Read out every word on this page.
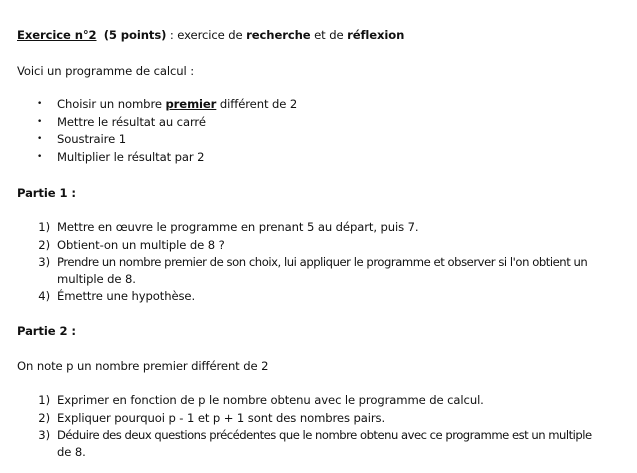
Exercice n°2 (5 points) : exercice de recherche et de réflexion
Voici un programme de calcul :
• Choisir un nombre premier différent de 2
• Mettre le résultat au carré
• Soustraire 1
• Multiplier le résultat par 2
Partie 1 :
1) Mettre en œuvre le programme en prenant 5 au départ, puis 7.
2) Obtient-on un multiple de 8 ?
3) Prendre un nombre premier de son choix, lui appliquer le programme et observer si l'on obtient un
multiple de 8.
4) Émettre une hypothèse.
Partie 2 :
On note p un nombre premier différent de 2
1) Exprimer en fonction de p le nombre obtenu avec le programme de calcul.
2) Expliquer pourquoi p - 1 et p + 1 sont des nombres pairs.
3) Déduire des deux questions précédentes que le nombre obtenu avec ce programme est un multiple
de 8.
